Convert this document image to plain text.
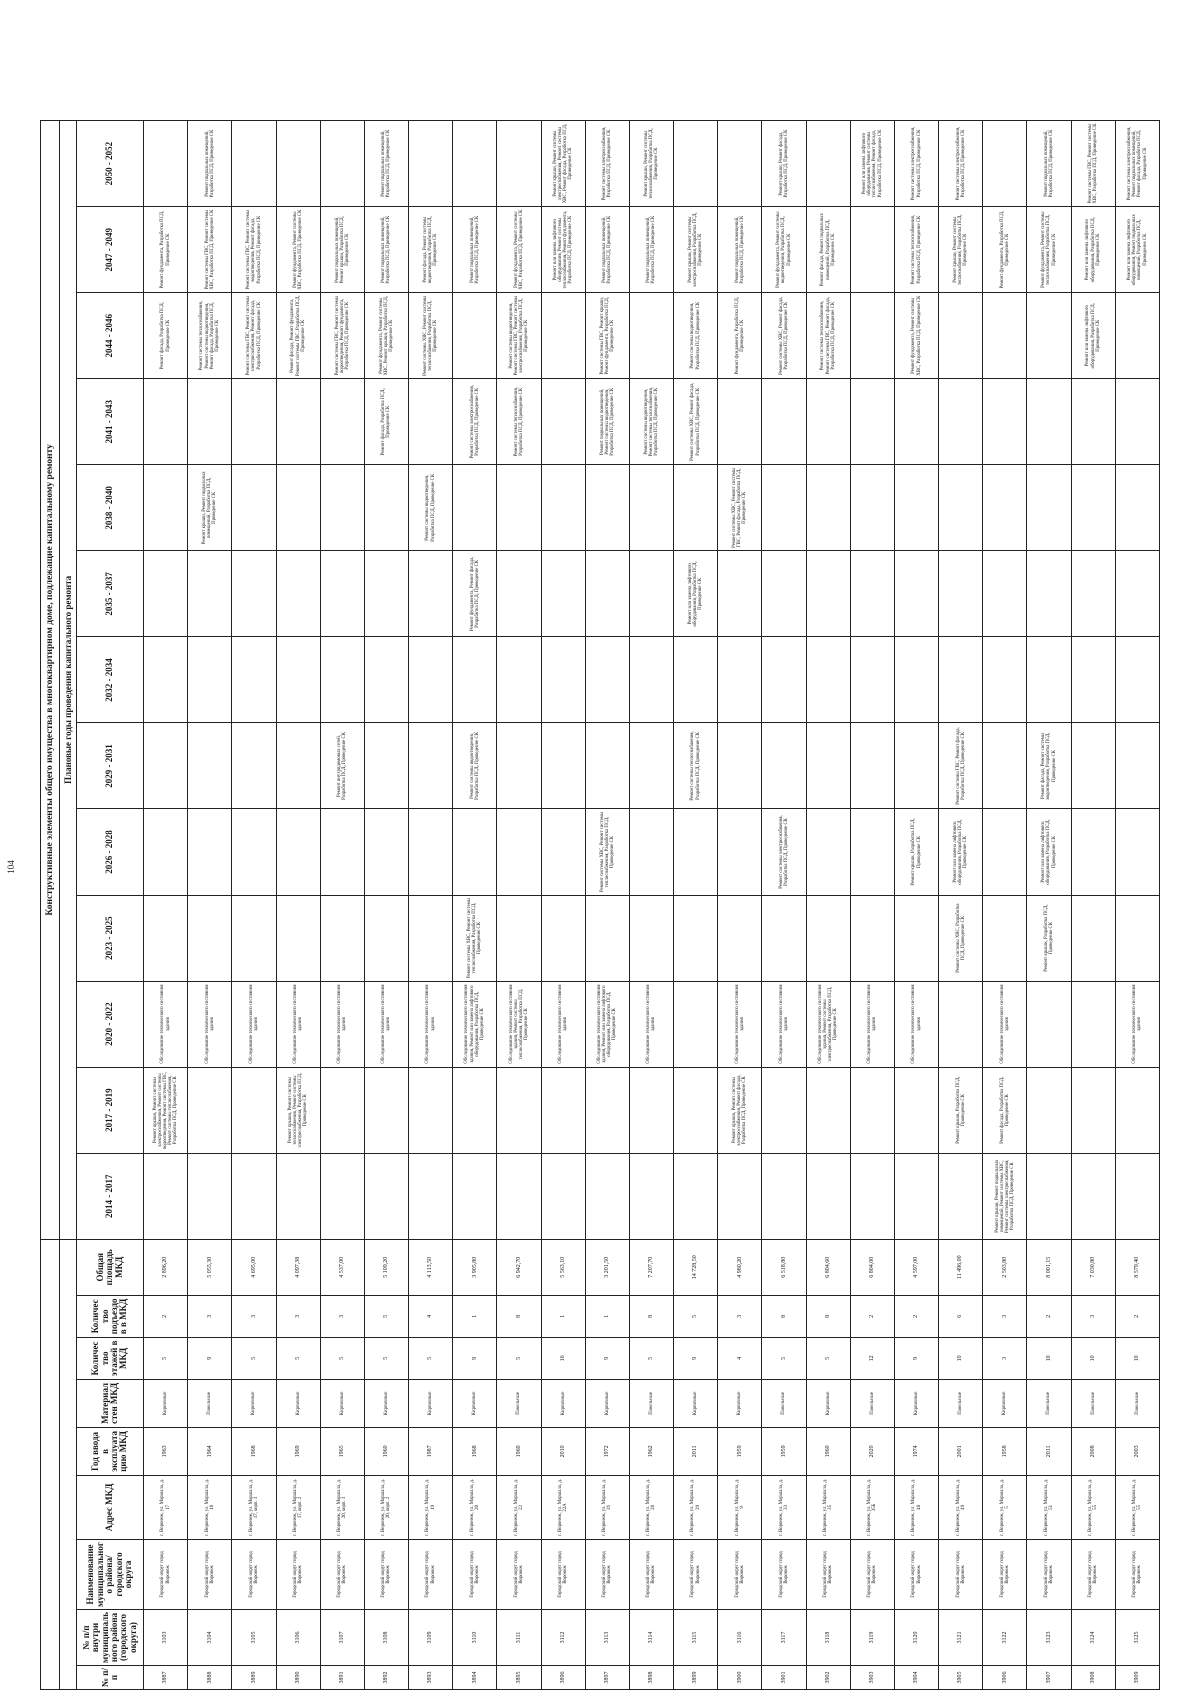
104
									Конструктивные элементы общего имущества в многоквартирном доме, подлежащие капитальному ремонту												
									Плановые годы проведения капитального ремонта												
№ п/п	№ п/п внутри муниципального района (городского округа)	Наименование муниципального района/ городского округа	Адрес МКД	Год ввода в эксплуатацию МКД	Материал стен МКД	Количество этажей в МКД	Количество подъездов в МКД	Общая площадь МКД	2014 - 2017	2017 - 2019	2020 - 2022	2023 - 2025	2026 - 2028	2029 - 2031	2032 - 2034	2035 - 2037	2038 - 2040	2041 - 2043	2044 - 2046	2047 - 2049	2050 - 2052
3887	3103	Городской округ город Воронеж	г. Воронеж, ул. Маршала, д. 17	1963	Кирпичные	5	2	2 896,20		Ремонт крыши, Ремонт системы электроснабжения, Ремонт системы водоотведения, Ремонт системы ГВС, Ремонт системы теплоснабжения, Разработка ПСД, Проведение СК	Обследование технического состояния здания								Ремонт фасада, Разработка ПСД, Проведение СК	Ремонт фундамента, Разработка ПСД, Проведение СК	
3888	3104	Городской округ город Воронеж	г. Воронеж, ул. Маршала, д. 18	1964	Панельные	9	3	5 055,30			Обследование технического состояния здания						Ремонт крыши, Ремонт подвальных помещений, Разработка ПСД, Проведение СК		Ремонт системы теплоснабжения, Ремонт системы водоотведения, Ремонт фасада, Разработка ПСД, Проведение СК	Ремонт системы ГВС, Ремонт системы ХВС, Разработка ПСД, Проведение СК	Ремонт подвальных помещений, Разработка ПСД, Проведение СК
3889	3105	Городской округ город Воронеж	г. Воронеж, ул. Маршала, д. 17, корп. 1	1968	Кирпичные	5	3	4 695,00			Обследование технического состояния здания								Ремонт системы ГВС, Ремонт системы электроснабжения, Ремонт фасада, Разработка ПСД, Проведение СК	Ремонт системы ГВС, Ремонт системы водоотведения, Ремонт фасада, Разработка ПСД, Проведение СК	
3890	3106	Городской округ город Воронеж	г. Воронеж, ул. Маршала, д. 17, корп. 2	1969	Кирпичные	5	3	4 097,38		Ремонт крыши, Ремонт системы теплоснабжения, Ремонт системы электроснабжения, Разработка ПСД, Проведение СК	Обследование технического состояния здания								Ремонт фасада, Ремонт фундамента, Ремонт системы ГВС, Разработка ПСД, Проведение СК	Ремонт фундамента, Ремонт системы ХВС, Разработка ПСД, Проведение СК	
3891	3107	Городской округ город Воронеж	г. Воронеж, ул. Маршала, д. 20, корп. 1	1965	Кирпичные	5	3	4 537,00			Обследование технического состояния здания			Ремонт внутридомовых сетей, Разработка ПСД, Проведение СК					Ремонт системы ГВС, Ремонт системы водоотведения, Ремонт фундамента, Разработка ПСД, Проведение СК	Ремонт подвальных помещений, Ремонт крыши, Разработка ПСД, Проведение СК	
3892	3108	Городской округ город Воронеж	г. Воронеж, ул. Маршала, д. 20, корп. 2	1960	Кирпичные	5	5	5 109,20			Обследование технического состояния здания							Ремонт фасада, Разработка ПСД, Проведение СК	Ремонт фундамента, Ремонт системы ХВС, Ремонт крыши, Разработка ПСД, Проведение СК	Ремонт подвальных помещений, Разработка ПСД, Проведение СК	Ремонт подвальных помещений, Разработка ПСД, Проведение СК
3893	3109	Городской округ город Воронеж	г. Воронеж, ул. Маршала, д. 19	1987	Кирпичные	5	4	4 113,50			Обследование технического состояния здания						Ремонт системы водоотведения, Разработка ПСД, Проведение СК		Ремонт системы ХВС, Ремонт системы теплоснабжения, Разработка ПСД, Проведение СК	Ремонт фасада, Ремонт системы водоотведения, Разработка ПСД, Проведение СК	
3894	3110	Городской округ город Воронеж	г. Воронеж, ул. Маршала, д. 20	1968	Кирпичные	9	1	3 905,80			Обследование технического состояния здания, Ремонт или замена лифтового оборудования, Разработка ПСД, Проведение СК	Ремонт системы ХВС, Ремонт системы теплоснабжения, Разработка ПСД, Проведение СК		Ремонт системы водоотведения, Разработка ПСД, Проведение СК		Ремонт фундамента, Ремонт фасада, Разработка ПСД, Проведение СК		Ремонт системы электроснабжения, Разработка ПСД, Проведение СК		Ремонт подвальных помещений, Разработка ПСД, Проведение СК	
3895	3111	Городской округ город Воронеж	г. Воронеж, ул. Маршала, д. 22	1960	Панельные	5	8	6 942,70			Обследование технического состояния здания, Ремонт системы теплоснабжения, Разработка ПСД, Проведение СК							Ремонт системы теплоснабжения, Разработка ПСД, Проведение СК	Ремонт системы водоотведения, Ремонт системы ГВС, Ремонт системы электроснабжения, Разработка ПСД, Проведение СК	Ремонт фундамента, Ремонт системы ХВС, Разработка ПСД, Проведение СК	
3896	3112	Городской округ город Воронеж	г. Воронеж, ул. Маршала, д. 22А	2010	Кирпичные	16	1	5 563,10			Обследование технического состояния здания									Ремонт или замена лифтового оборудования, Ремонт системы теплоснабжения, Ремонт фундамента, Разработка ПСД, Проведение СК	Ремонт крыши, Ремонт системы электроснабжения, Ремонт системы ХВС, Ремонт фасада, Разработка ПСД, Проведение СК
3897	3113	Городской округ город Воронеж	г. Воронеж, ул. Маршала, д. 26	1972	Кирпичные	9	1	3 201,50			Обследование технического состояния здания, Ремонт или замена лифтового оборудования, Разработка ПСД, Проведение СК		Ремонт системы ХВС, Ремонт системы теплоснабжения, Разработка ПСД, Проведение СК					Ремонт подвальных помещений, Ремонт системы водоотведения, Разработка ПСД, Проведение СК	Ремонт системы ГВС, Ремонт крыши, Ремонт фундамента, Разработка ПСД, Проведение СК	Ремонт подвальных помещений, Разработка ПСД, Проведение СК	Ремонт системы электроснабжения, Разработка ПСД, Проведение СК
3898	3114	Городской округ город Воронеж	г. Воронеж, ул. Маршала, д. 28	1962	Панельные	5	8	7 207,70			Обследование технического состояния здания							Ремонт системы водоотведения, Ремонт системы теплоснабжения, Разработка ПСД, Проведение СК		Ремонт подвальных помещений, Разработка ПСД, Проведение СК	Ремонт крыши, Ремонт системы теплоснабжения, Разработка ПСД, Проведение СК
3899	3115	Городской округ город Воронеж	г. Воронеж, ул. Маршала, д. 29	2011	Кирпичные	9	5	14 728,50						Ремонт системы теплоснабжения, Разработка ПСД, Проведение СК		Ремонт или замена лифтового оборудования, Разработка ПСД, Проведение СК		Ремонт системы ХВС, Ремонт фасада, Разработка ПСД, Проведение СК	Ремонт системы водоотведения, Разработка ПСД, Проведение СК	Ремонт крыши, Ремонт системы электроснабжения, Разработка ПСД, Проведение СК	
3900	3116	Городской округ город Воронеж	г. Воронеж, ул. Маршала, д. 9	1959	Кирпичные	4	3	4 980,20		Ремонт крыши, Ремонт системы электроснабжения, Ремонт фасада, Разработка ПСД, Проведение СК	Обследование технического состояния здания						Ремонт системы ХВС, Ремонт системы ГВС, Ремонт фасада, Разработка ПСД, Проведение СК		Ремонт фундамента, Разработка ПСД, Проведение СК	Ремонт подвальных помещений, Разработка ПСД, Проведение СК	
3901	3117	Городской округ город Воронеж	г. Воронеж, ул. Маршала, д. 33	1959	Панельные	5	8	6 518,80			Обследование технического состояния здания		Ремонт системы электроснабжения, Разработка ПСД, Проведение СК						Ремонт системы ХВС, Ремонт фасада, Разработка ПСД, Проведение СК	Ремонт фундамента, Ремонт системы водоотведения, Разработка ПСД, Проведение СК	Ремонт крыши, Ремонт фасада, Разработка ПСД, Проведение СК
3902	3118	Городской округ город Воронеж	г. Воронеж, ул. Маршала, д. 35	1960	Кирпичные	5	8	6 804,60			Обследование технического состояния здания, Ремонт системы электроснабжения, Разработка ПСД, Проведение СК								Ремонт системы теплоснабжения, Ремонт системы ГВС, Ремонт фасада, Разработка ПСД, Проведение СК	Ремонт фасада, Ремонт подвальных помещений, Разработка ПСД, Проведение СК	
3903	3119	Городской округ город Воронеж	г. Воронеж, ул. Маршала, д. 35Б	2020	Панельные	12	2	6 804,00			Обследование технического состояния здания										Ремонт или замена лифтового оборудования, Ремонт системы теплоснабжения, Ремонт фасада, Разработка ПСД, Проведение СК
3904	3120	Городской округ город Воронеж	г. Воронеж, ул. Маршала, д. 48	1974	Кирпичные	9	2	4 597,00			Обследование технического состояния здания		Ремонт крыши, Разработка ПСД, Проведение СК						Ремонт фундамента, Ремонт системы ХВС, Разработка ПСД, Проведение СК	Ремонт системы теплоснабжения, Разработка ПСД, Проведение СК	Ремонт системы электроснабжения, Разработка ПСД, Проведение СК
3905	3121	Городской округ город Воронеж	г. Воронеж, ул. Маршала, д. 49	2001	Панельные	10	6	11 496,00		Ремонт крыши, Разработка ПСД, Проведение СК		Ремонт системы ХВС, Разработка ПСД, Проведение СК	Ремонт или замена лифтового оборудования, Разработка ПСД, Проведение СК	Ремонт системы ГВС, Ремонт фасада, Разработка ПСД, Проведение СК						Ремонт крыши, Ремонт системы теплоснабжения, Разработка ПСД, Проведение СК	Ремонт системы электроснабжения, Разработка ПСД, Проведение СК
3906	3122	Городской округ город Воронеж	г. Воронеж, ул. Маршала, д. 5	1958	Кирпичные	3	3	2 503,80	Ремонт крыши, Ремонт подвальных помещений, Ремонт системы ХВС, Ремонт системы электроснабжения, Разработка ПСД, Проведение СК	Ремонт фасада, Разработка ПСД, Проведение СК	Обследование технического состояния здания									Ремонт фундамента, Разработка ПСД, Проведение СК	
3907	3123	Городской округ город Воронеж	г. Воронеж, ул. Маршала, д. 51	2011	Панельные	10	2	8 001,15				Ремонт крыши, Разработка ПСД, Проведение СК	Ремонт или замена лифтового оборудования, Разработка ПСД, Проведение СК	Ремонт фасада, Ремонт системы водоотведения, Разработка ПСД, Проведение СК						Ремонт фундамента, Ремонт системы теплоснабжения, Разработка ПСД, Проведение СК	Ремонт подвальных помещений, Разработка ПСД, Проведение СК
3908	3124	Городской округ город Воронеж	г. Воронеж, ул. Маршала, д. 55	2008	Панельные	10	3	7 030,80											Ремонт или замена лифтового оборудования, Разработка ПСД, Проведение СК	Ремонт или замена лифтового оборудования, Разработка ПСД, Проведение СК	Ремонт системы ГВС, Ремонт системы ХВС, Разработка ПСД, Проведение СК
3909	3125	Городской округ город Воронеж	г. Воронеж, ул. Маршала, д. 55	2003	Панельные	10	2	8 579,40			Обследование технического состояния здания									Ремонт или замена лифтового оборудования, Ремонт подвальных помещений, Разработка ПСД, Проведение СК	Ремонт системы электроснабжения, Ремонт подвальных помещений, Ремонт фасада, Разработка ПСД, Проведение СК
